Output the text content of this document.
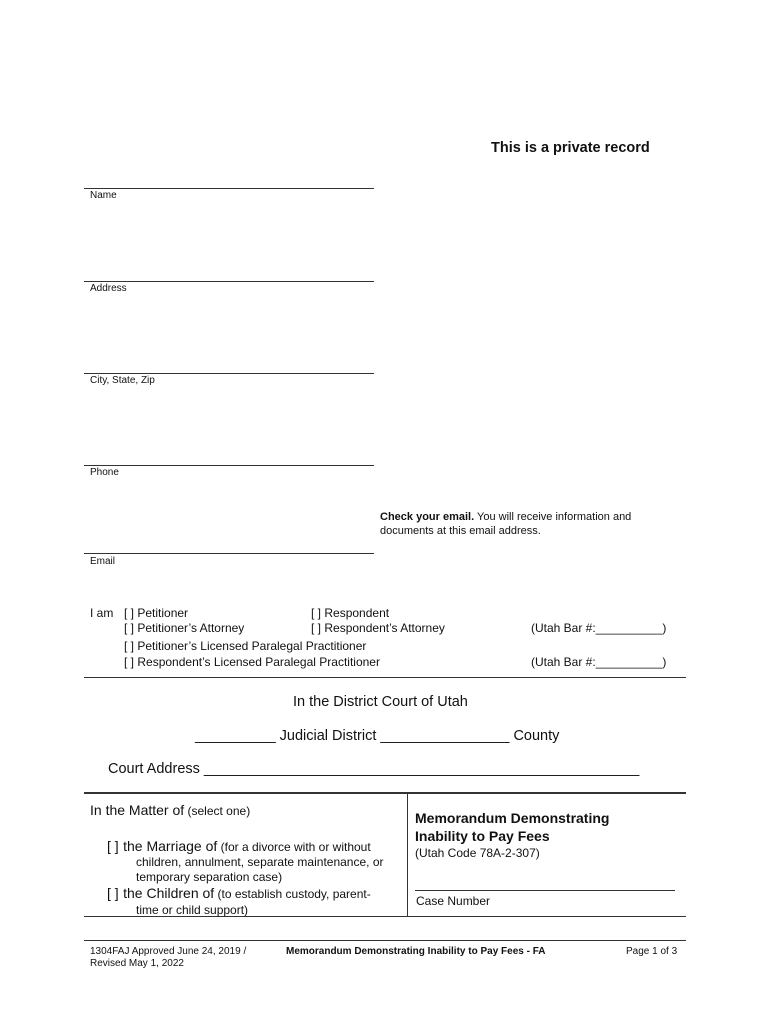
This is a private record
Name
Address
City, State, Zip
Phone
Check your email. You will receive information and
documents at this email address.
Email
I am [ ] Petitioner	[ ] Respondent
[ ] Petitioner’s Attorney	[ ] Respondent’s Attorney	(Utah Bar #:__________)
[ ] Petitioner’s Licensed Paralegal Practitioner
[ ] Respondent’s Licensed Paralegal Practitioner	(Utah Bar #:__________)
In the District Court of Utah
__________ Judicial District ________________ County
Court Address ______________________________________________________
In the Matter of (select one)
[ ] the Marriage of (for a divorce with or without
children, annulment, separate maintenance, or
temporary separation case)
[ ] the Children of (to establish custody, parent-
time or child support)
Memorandum Demonstrating
Inability to Pay Fees
(Utah Code 78A-2-307)
Case Number
1304FAJ Approved June 24, 2019 /
Revised May 1, 2022
Memorandum Demonstrating Inability to Pay Fees - FA	Page 1 of 3
